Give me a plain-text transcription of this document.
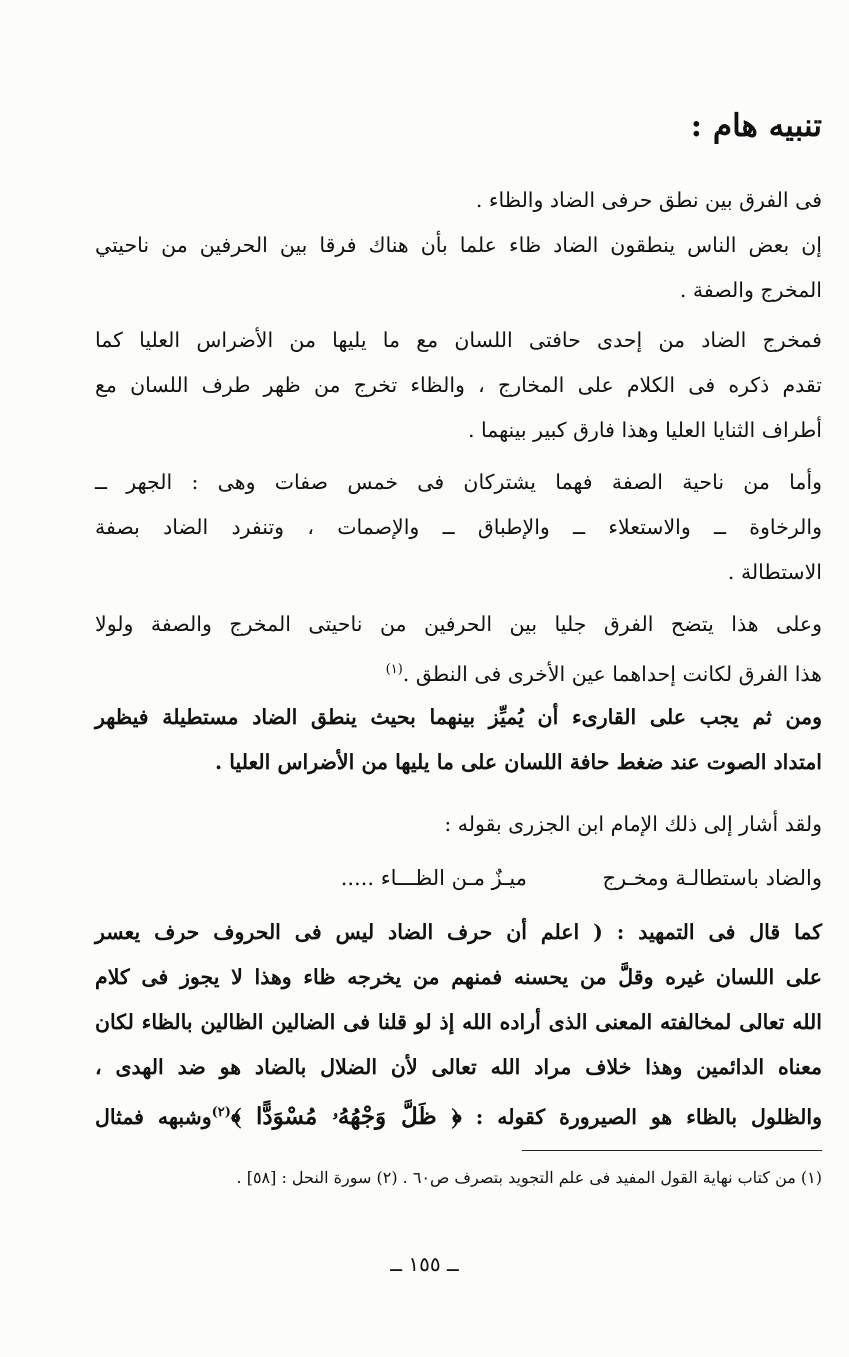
تنبيه هام :
فى الفرق بين نطق حرفى الضاد والظاء .
إن بعض الناس ينطقون الضاد ظاء علما بأن هناك فرقا بين الحرفين من ناحيتي
المخرج والصفة .
فمخرج الضاد من إحدى حافتى اللسان مع ما يليها من الأضراس العليا كما
تقدم ذكره فى الكلام على المخارج ، والظاء تخرج من ظهر طرف اللسان مع
أطراف الثنايا العليا وهذا فارق كبير بينهما .
وأما من ناحية الصفة فهما يشتركان فى خمس صفات وهى : الجهر ــ
والرخاوة ــ والاستعلاء ــ والإطباق ــ والإصمات ، وتنفرد الضاد بصفة
الاستطالة .
وعلى هذا يتضح الفرق جليا بين الحرفين من ناحيتى المخرج والصفة ولولا
هذا الفرق لكانت إحداهما عين الأخرى فى النطق .$^{(١)}$
ومن ثم يجب على القارىء أن يُميِّز بينهما بحيث ينطق الضاد مستطيلة فيظهر
امتداد الصوت عند ضغط حافة اللسان على ما يليها من الأضراس العليا .
ولقد أشار إلى ذلك الإمام ابن الجزرى بقوله :
والضاد باستطالـة ومخـرج
ميـزٌ مـن الظـــاء .....
كما قال فى التمهيد : ( اعلم أن حرف الضاد ليس فى الحروف حرف يعسر
على اللسان غيره وقلَّ من يحسنه فمنهم من يخرجه ظاء وهذا لا يجوز فى كلام
الله تعالى لمخالفته المعنى الذى أراده الله إذ لو قلنا فى الضالين الظالين بالظاء لكان
معناه الدائمين وهذا خلاف مراد الله تعالى لأن الضلال بالضاد هو ضد الهدى ،
والظلول بالظاء هو الصيرورة كقوله : ﴿ ظَلَّ وَجْهُهُۥ مُسْوَدًّا ﴾$^{(٢)}$وشبهه فمثال
(١) من كتاب نهاية القول المفيد فى علم التجويد بتصرف ص٦٠ . (٢) سورة النحل : [٥٨] .
ــ ١٥٥ ــ
